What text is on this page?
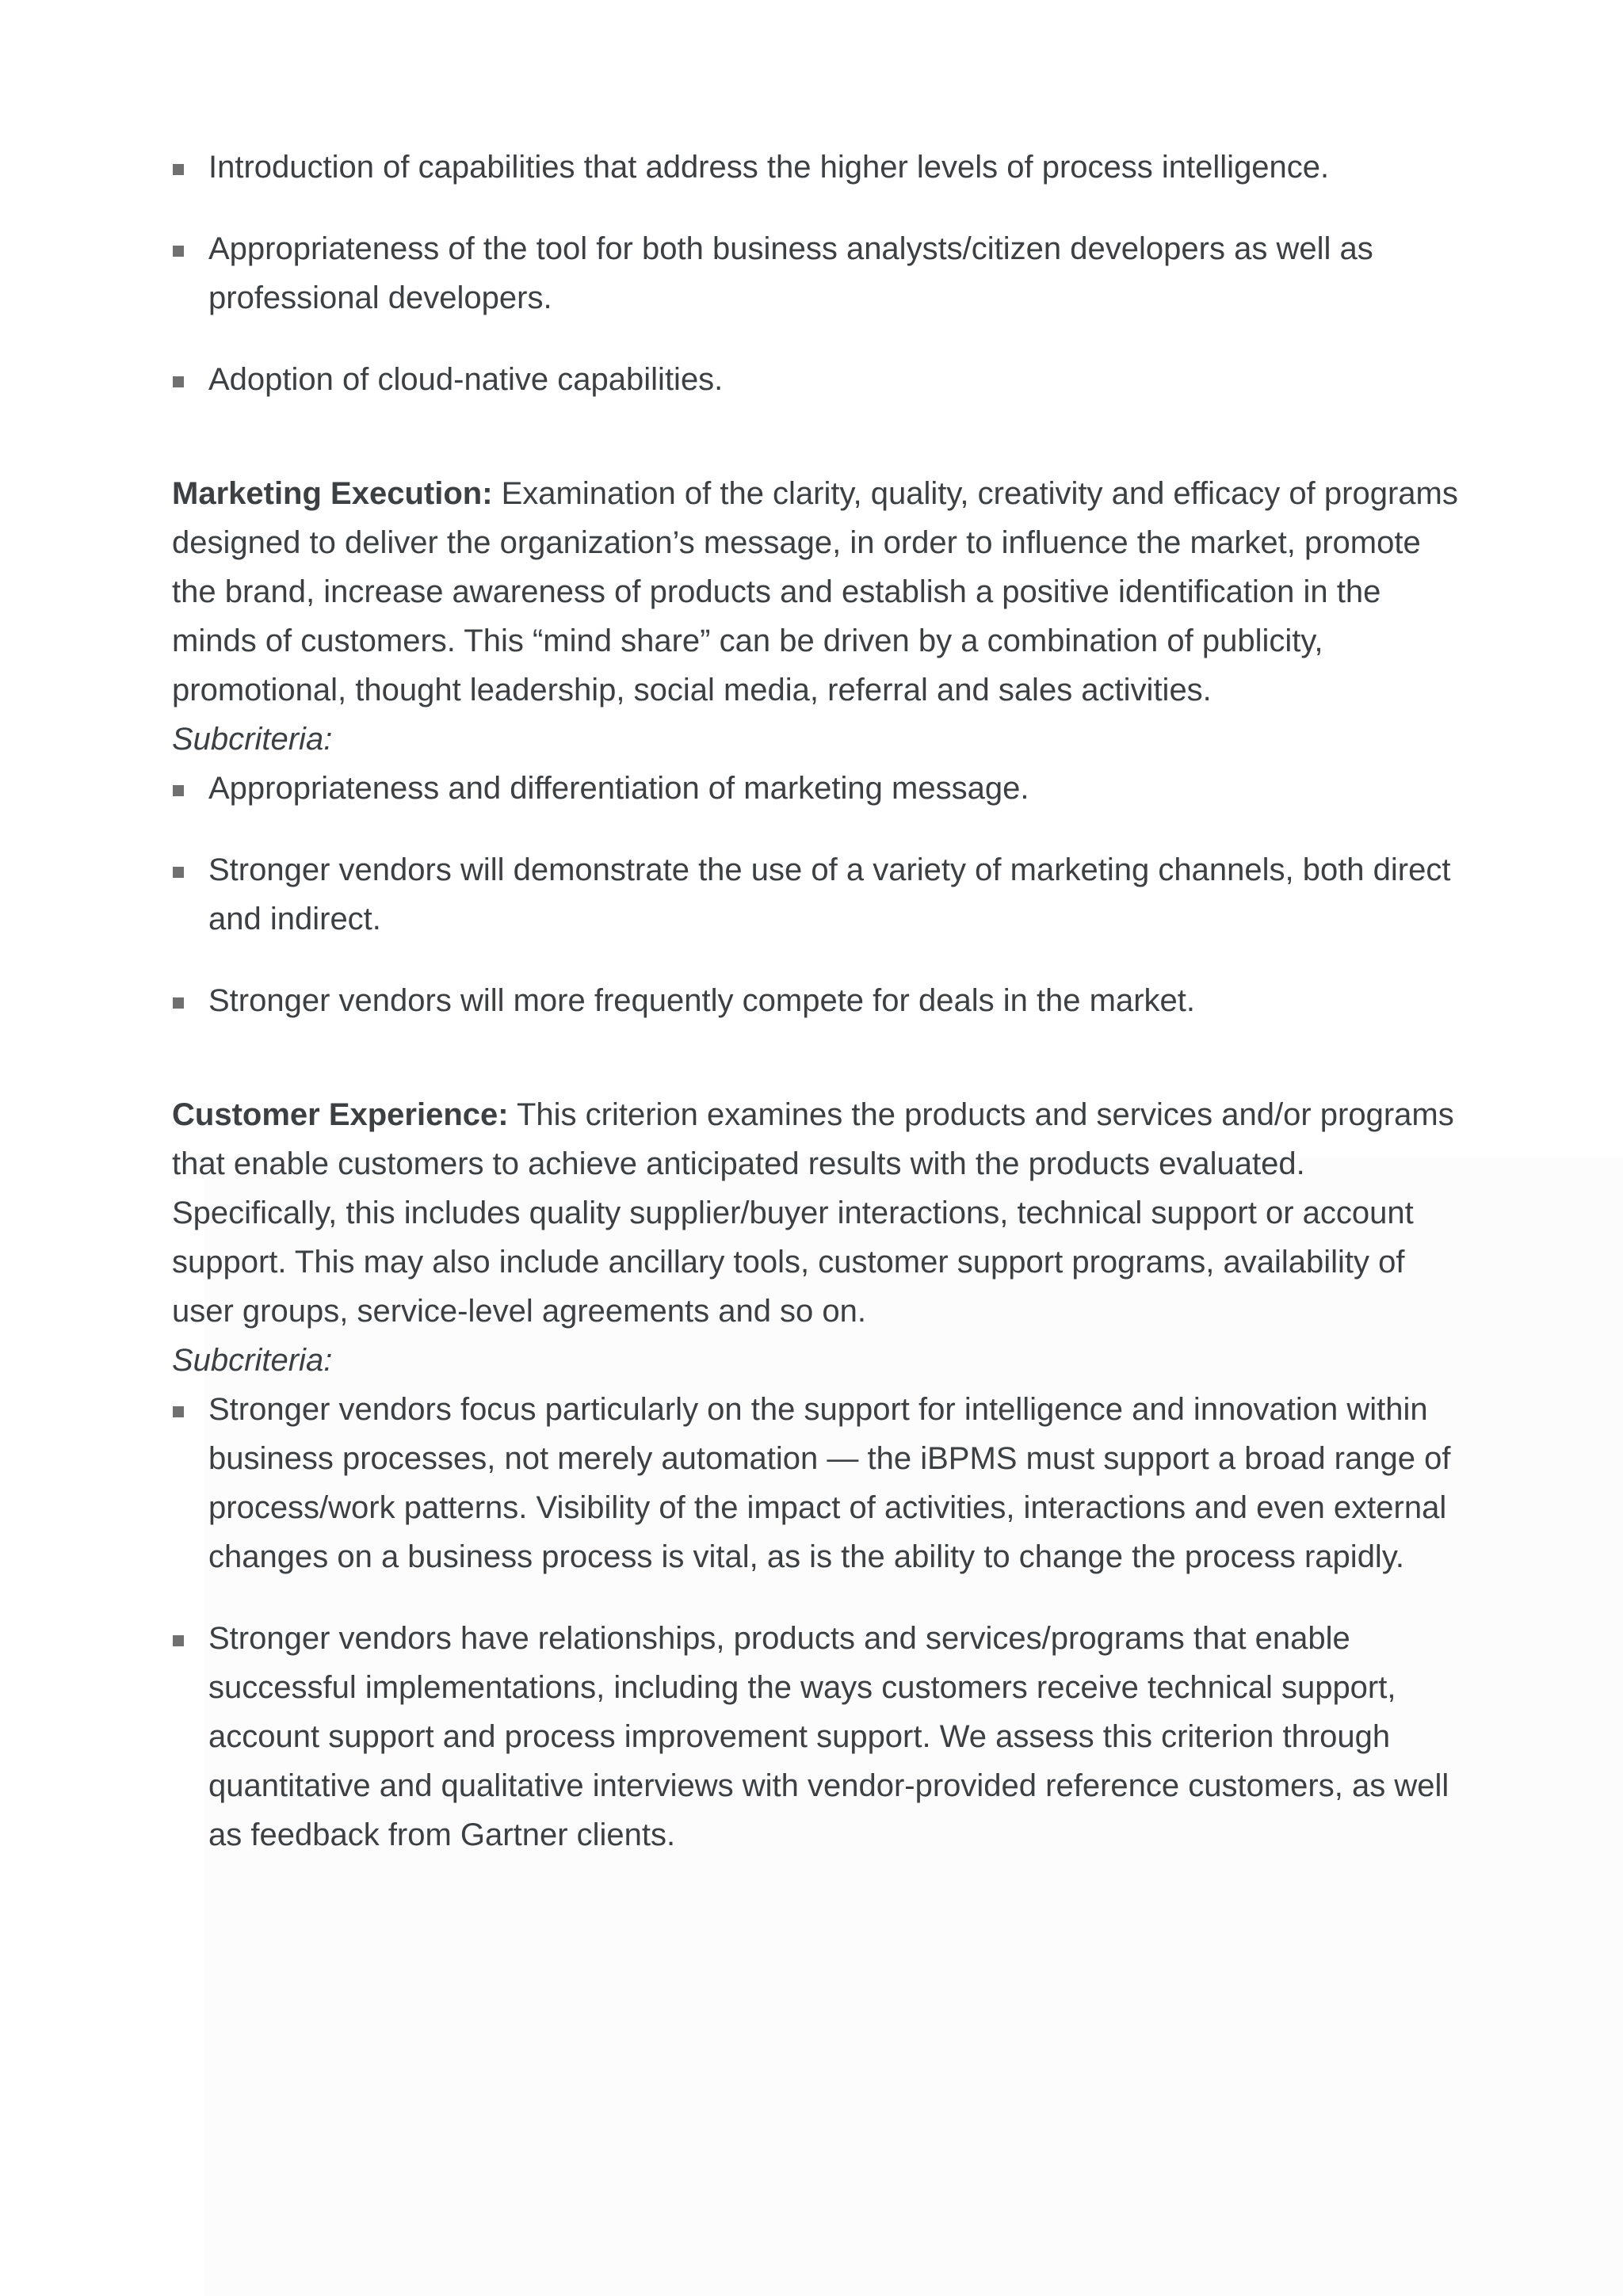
Introduction of capabilities that address the higher levels of process intelligence.
Appropriateness of the tool for both business analysts/citizen developers as well as professional developers.
Adoption of cloud-native capabilities.

Marketing Execution: Examination of the clarity, quality, creativity and efficacy of programs designed to deliver the organization’s message, in order to influence the market, promote the brand, increase awareness of products and establish a positive identification in the minds of customers. This “mind share” can be driven by a combination of publicity, promotional, thought leadership, social media, referral and sales activities.

Subcriteria:

Appropriateness and differentiation of marketing message.
Stronger vendors will demonstrate the use of a variety of marketing channels, both direct and indirect.
Stronger vendors will more frequently compete for deals in the market.

Customer Experience: This criterion examines the products and services and/or programs that enable customers to achieve anticipated results with the products evaluated. Specifically, this includes quality supplier/buyer interactions, technical support or account support. This may also include ancillary tools, customer support programs, availability of user groups, service-level agreements and so on.

Subcriteria:

Stronger vendors focus particularly on the support for intelligence and innovation within business processes, not merely automation — the iBPMS must support a broad range of process/work patterns. Visibility of the impact of activities, interactions and even external changes on a business process is vital, as is the ability to change the process rapidly.
Stronger vendors have relationships, products and services/programs that enable successful implementations, including the ways customers receive technical support, account support and process improvement support. We assess this criterion through quantitative and qualitative interviews with vendor-provided reference customers, as well as feedback from Gartner clients.
